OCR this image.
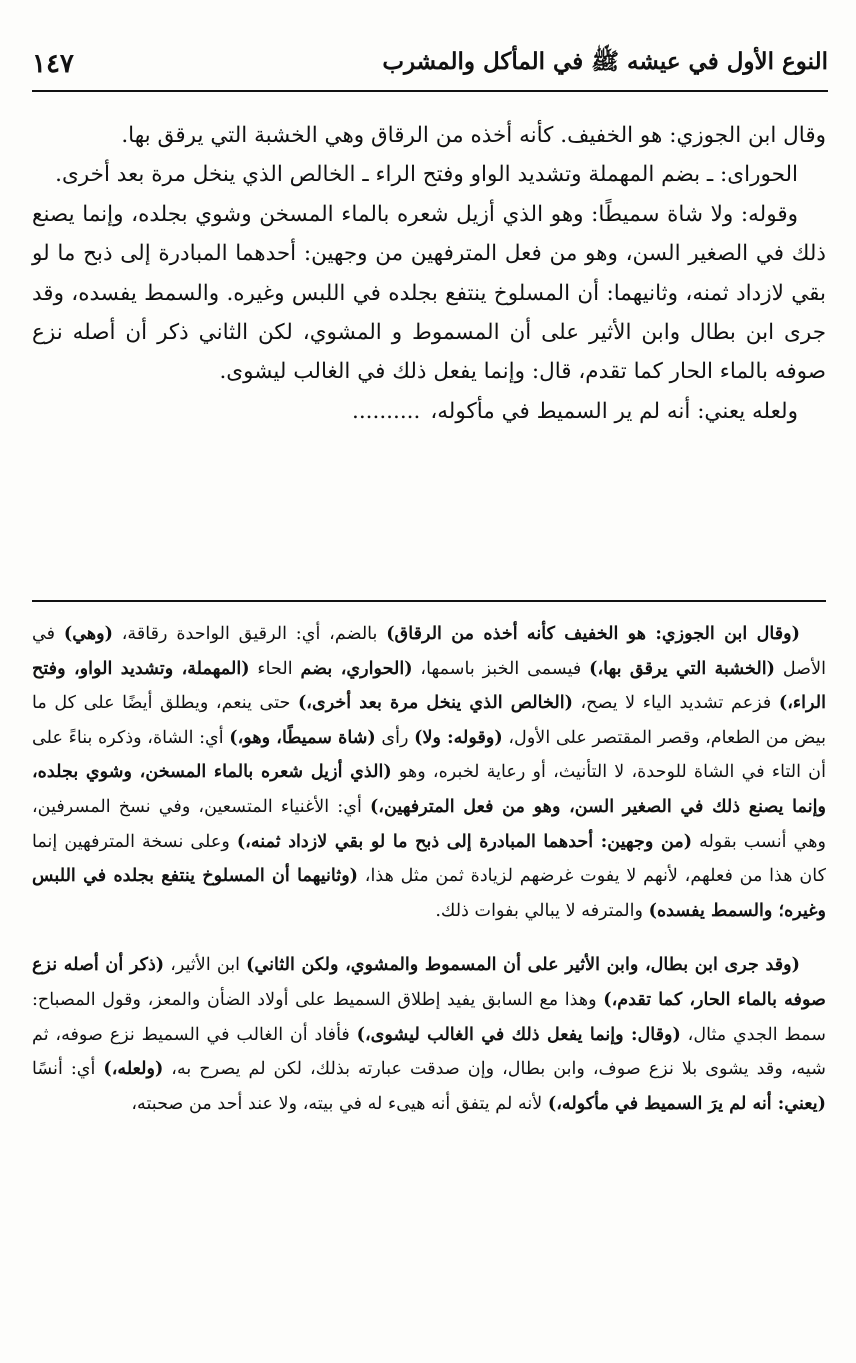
النوع الأول في عيشه ﷺ في المأكل والمشرب
١٤٧

وقال ابن الجوزي: هو الخفيف. كأنه أخذه من الرقاق وهي الخشبة التي يرقق بها.

الحوراى: ـ بضم المهملة وتشديد الواو وفتح الراء ـ الخالص الذي ينخل مرة بعد أخرى.

وقوله: ولا شاة سميطًا: وهو الذي أزيل شعره بالماء المسخن وشوي بجلده، وإنما يصنع ذلك في الصغير السن، وهو من فعل المترفهين من وجهين: أحدهما المبادرة إلى ذبح ما لو بقي لازداد ثمنه، وثانيهما: أن المسلوخ ينتفع بجلده في اللبس وغيره. والسمط يفسده، وقد جرى ابن بطال وابن الأثير على أن المسموط و المشوي، لكن الثاني ذكر أن أصله نزع صوفه بالماء الحار كما تقدم، قال: وإنما يفعل ذلك في الغالب ليشوى.

ولعله يعني: أنه لم ير السميط في مأكوله،..........

(وقال ابن الجوزي: هو الخفيف كأنه أخذه من الرقاق) بالضم، أي: الرقيق الواحدة رقاقة، (وهي) في الأصل (الخشبة التي يرقق بها،) فيسمى الخبز باسمها، (الحواري، بضم الحاء (المهملة، وتشديد الواو، وفتح الراء،) فزعم تشديد الياء لا يصح، (الخالص الذي ينخل مرة بعد أخرى،) حتى ينعم، ويطلق أيضًا على كل ما بيض من الطعام، وقصر المقتصر على الأول، (وقوله: ولا) رأى (شاة سميطًا، وهو،) أي: الشاة، وذكره بناءً على أن التاء في الشاة للوحدة، لا التأنيث، أو رعاية لخبره، وهو (الذي أزيل شعره بالماء المسخن، وشوي بجلده، وإنما يصنع ذلك في الصغير السن، وهو من فعل المترفهين،) أي: الأغنياء المتسعين، وفي نسخ المسرفين، وهي أنسب بقوله (من وجهين: أحدهما المبادرة إلى ذبح ما لو بقي لازداد ثمنه،) وعلى نسخة المترفهين إنما كان هذا من فعلهم، لأنهم لا يفوت غرضهم لزيادة ثمن مثل هذا، (وثانيهما أن المسلوخ ينتفع بجلده في اللبس وغيره؛ والسمط يفسده) والمترفه لا يبالي بفوات ذلك.

(وقد جرى ابن بطال، وابن الأثير على أن المسموط والمشوي، ولكن الثاني) ابن الأثير، (ذكر أن أصله نزع صوفه بالماء الحار، كما تقدم،) وهذا مع السابق يفيد إطلاق السميط على أولاد الضأن والمعز، وقول المصباح: سمط الجدي مثال، (وقال: وإنما يفعل ذلك في الغالب ليشوى،) فأفاد أن الغالب في السميط نزع صوفه، ثم شيه، وقد يشوى بلا نزع صوف، وابن بطال، وإن صدقت عبارته بذلك، لكن لم يصرح به، (ولعله،) أي: أنسًا (يعني: أنه لم يرَ السميط في مأكوله،) لأنه لم يتفق أنه هيىء له في بيته، ولا عند أحد من صحبته،
